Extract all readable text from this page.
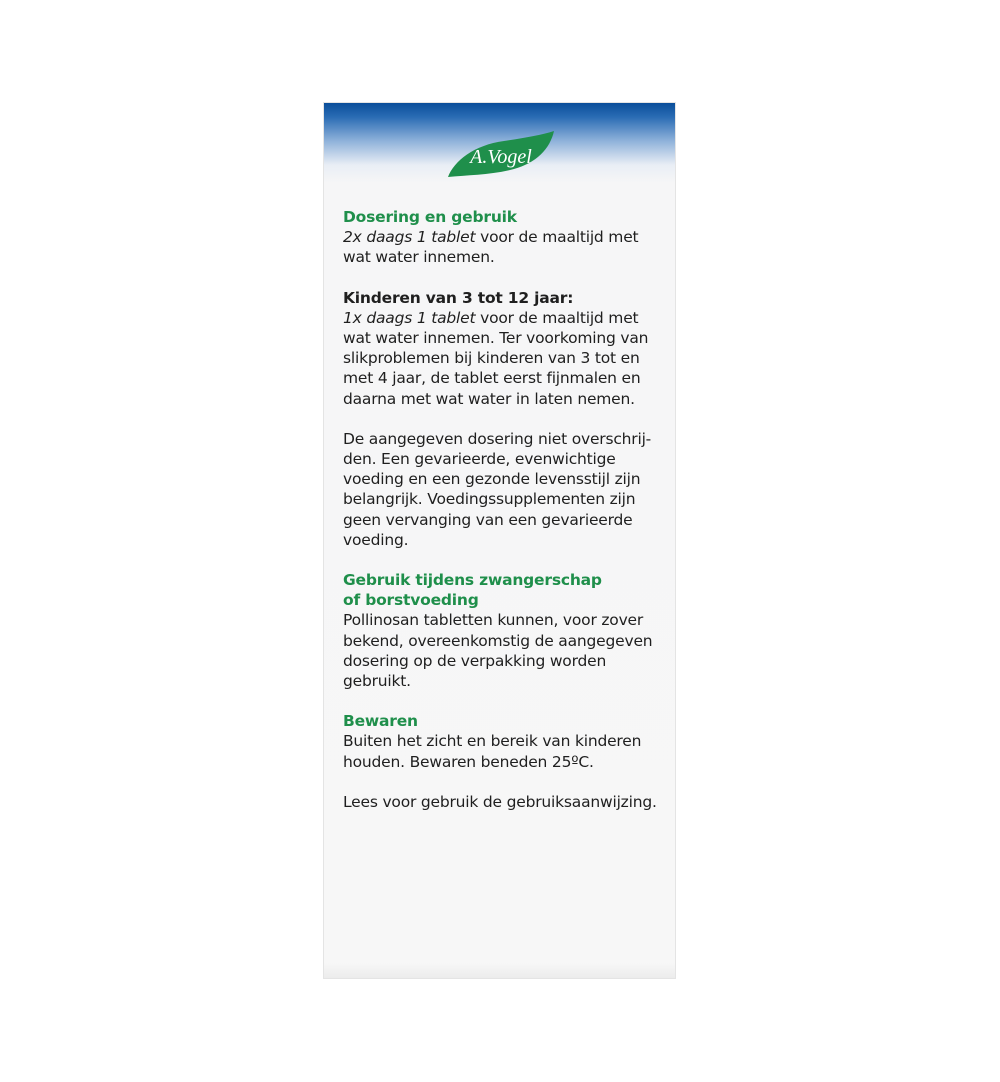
A.Vogel

Dosering en gebruik
2x daags 1 tablet voor de maaltijd met wat water innemen.

Kinderen van 3 tot 12 jaar:
1x daags 1 tablet voor de maaltijd met wat water innemen. Ter voorkoming van slikproblemen bij kinderen van 3 tot en met 4 jaar, de tablet eerst fijnmalen en daarna met wat water in laten nemen.

De aangegeven dosering niet overschrij-den. Een gevarieerde, evenwichtige voeding en een gezonde levensstijl zijn belangrijk. Voedingssupplementen zijn geen vervanging van een gevarieerde voeding.

Gebruik tijdens zwangerschap
of borstvoeding
Pollinosan tabletten kunnen, voor zover bekend, overeenkomstig de aangegeven dosering op de verpakking worden gebruikt.

Bewaren
Buiten het zicht en bereik van kinderen houden. Bewaren beneden 25ºC.

Lees voor gebruik de gebruiksaanwijzing.
